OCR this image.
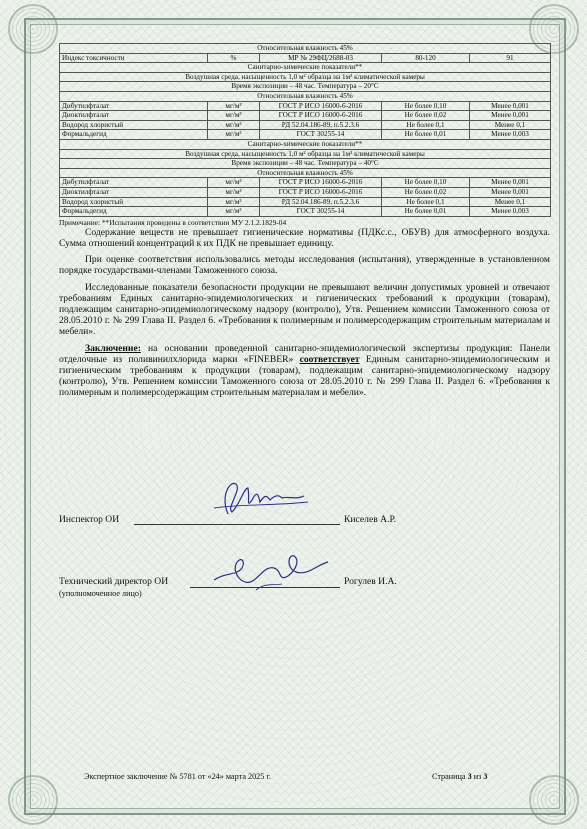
Относительная влажность 45%				
Индекс токсичности	%	МР № 29ФЦ/2688-03	80-120	91
Санитарно-химические показатели**				
Воздушная среда, насыщенность 1,0 м² образца на 1м³ климатической камеры				
Время экспозиции – 48 час. Температура – 20°С				
Относительная влажность 45%				
Дибутилфталат	мг/м³	ГОСТ Р ИСО 16000-6-2016	Не более 0,10	Менее 0,001
Диоктилфталат	мг/м³	ГОСТ Р ИСО 16000-6-2016	Не более 0,02	Менее 0,001
Водород хлористый	мг/м³	РД 52.04.186-89, п.5.2.3.6	Не более 0,1	Менее 0,1
Формальдегид	мг/м³	ГОСТ 30255-14	Не более 0,01	Менее 0,003
Санитарно-химические показатели**				
Воздушная среда, насыщенность 1,0 м² образца на 1м³ климатической камеры				
Время экспозиции – 48 час. Температура – 40°С				
Относительная влажность 45%				
Дибутилфталат	мг/м³	ГОСТ Р ИСО 16000-6-2016	Не более 0,10	Менее 0,001
Диоктилфталат	мг/м³	ГОСТ Р ИСО 16000-6-2016	Не более 0,02	Менее 0,001
Водород хлористый	мг/м³	РД 52.04.186-89, п.5.2.3.6	Не более 0,1	Менее 0,1
Формальдегид	мг/м³	ГОСТ 30255-14	Не более 0,01	Менее 0,003
Примечание: **Испытания проведены в соответствии МУ 2.1.2.1829-04

Содержание веществ не превышает гигиенические нормативы (ПДКс.с., ОБУВ) для атмосферного воздуха. Сумма отношений концентраций к их ПДК не превышает единицу.

При оценке соответствия использовались методы исследования (испытания), утвержденные в установленном порядке государствами-членами Таможенного союза.

Исследованные показатели безопасности продукции не превышают величин допустимых уровней и отвечают требованиям Единых санитарно-эпидемиологических и гигиенических требований к продукции (товарам), подлежащим санитарно-эпидемиологическому надзору (контролю), Утв. Решением комиссии Таможенного союза от 28.05.2010 г. № 299 Глава II. Раздел 6. «Требования к полимерным и полимерсодержащим строительным материалам и мебели».

Заключение: на основании проведенной санитарно-эпидемиологической экспертизы продукция: Панели отделочные из поливинилхлорида марки «FINEBER» соответствует Единым санитарно-эпидемиологическим и гигиеническим требованиям к продукции (товарам), подлежащим санитарно-эпидемиологическому надзору (контролю), Утв. Решением комиссии Таможенного союза от 28.05.2010 г. № 299 Глава II. Раздел 6. «Требования к полимерным и полимерсодержащим строительным материалам и мебели».

Инспектор ОИ	Киселев А.Р.
Технический директор ОИ
(уполномоченное лицо)
Рогулев И.А.
Экспертное заключение № 5781 от «24» марта 2025 г.	Страница 3 из 3
